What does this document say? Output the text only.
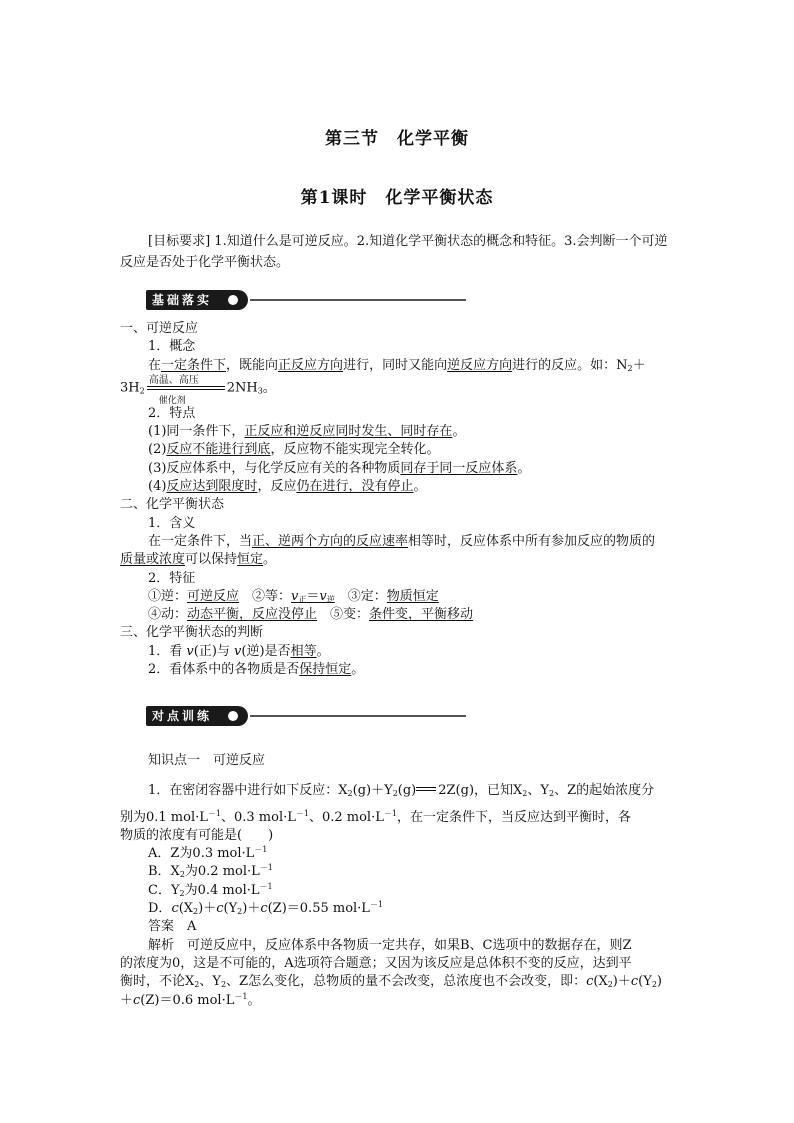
第三节　化学平衡
第1课时　化学平衡状态
[目标要求] 1.知道什么是可逆反应。2.知道化学平衡状态的概念和特征。3.会判断一个可逆反应是否处于化学平衡状态。
基础落实
一、可逆反应
1．概念
在一定条件下，既能向正反应方向进行，同时又能向逆反应方向进行的反应。如：$N_2+$
$3H_2$
高温、高压
催化剂
$2NH_3$。
2．特点
(1)同一条件下，正反应和逆反应同时发生、同时存在。
(2)反应不能进行到底，反应物不能实现完全转化。
(3)反应体系中，与化学反应有关的各种物质同存于同一反应体系。
(4)反应达到限度时，反应仍在进行，没有停止。
二、化学平衡状态
1．含义
在一定条件下，当正、逆两个方向的反应速率相等时，反应体系中所有参加反应的物质的
质量或浓度可以保持恒定。
2．特征
①逆：可逆反应　②等：$v_正=v_逆$　③定：物质恒定
④动：动态平衡，反应没停止　⑤变：条件变，平衡移动
三、化学平衡状态的判断
1．看 v(正)与 v(逆)是否相等。
2．看体系中的各物质是否保持恒定。
对点训练
知识点一　可逆反应
1．在密闭容器中进行如下反应：$X_2(g)+Y_2(g)$ 2Z(g)，已知$X_2$、$Y_2$、Z的起始浓度分
别为0.1 $mol\cdot L^{-1}$、0.3 $mol\cdot L^{-1}$、0.2 $mol\cdot L^{-1}$，在一定条件下，当反应达到平衡时，各
物质的浓度有可能是(　　)
A．Z为0.3 $mol\cdot L^{-1}$
B．$X_2$为0.2 $mol\cdot L^{-1}$
C．$Y_2$为0.4 $mol\cdot L^{-1}$
D．$c(X_2)+c(Y_2)+c(Z)=0.55$ $mol\cdot L^{-1}$
答案　A
解析　可逆反应中，反应体系中各物质一定共存，如果B、C选项中的数据存在，则Z
的浓度为0，这是不可能的，A选项符合题意；又因为该反应是总体积不变的反应，达到平
衡时，不论$X_2$、$Y_2$、Z怎么变化，总物质的量不会改变，总浓度也不会改变，即：$c(X_2)+c(Y_2)$
＋c(Z)＝0.6 $mol\cdot L^{-1}$。
